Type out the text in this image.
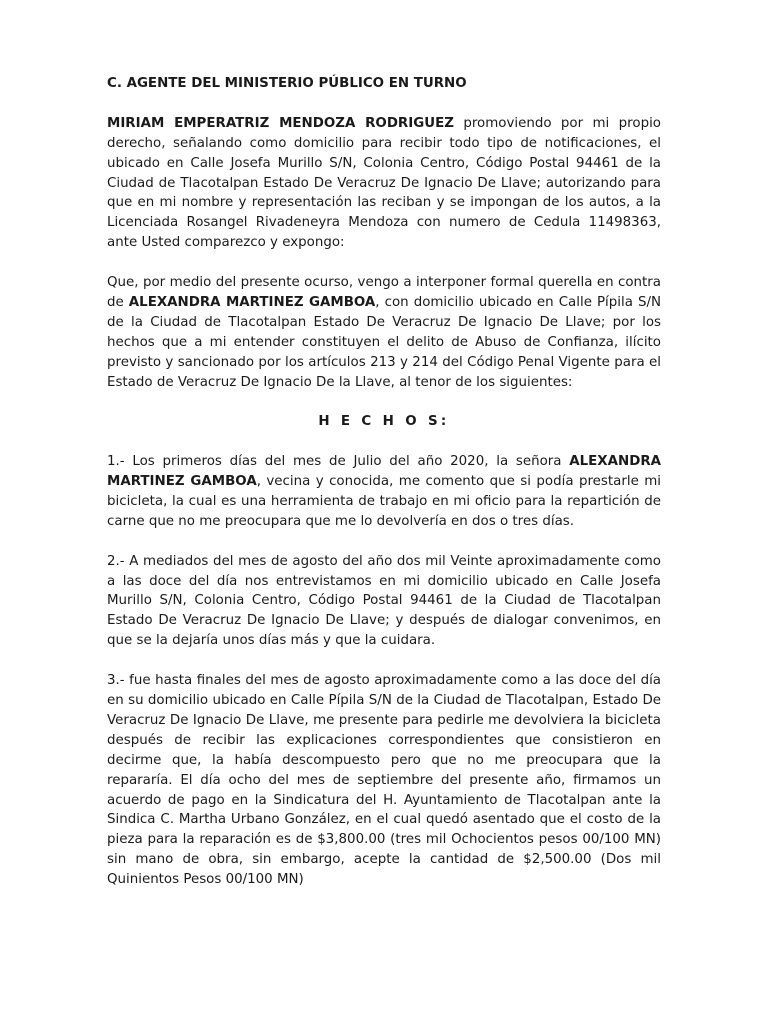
C. AGENTE DEL MINISTERIO PÚBLICO EN TURNO

MIRIAM EMPERATRIZ MENDOZA RODRIGUEZ promoviendo por mi propio derecho, señalando como domicilio para recibir todo tipo de notificaciones, el ubicado en Calle Josefa Murillo S/N, Colonia Centro, Código Postal 94461 de la Ciudad de Tlacotalpan Estado De Veracruz De Ignacio De Llave; autorizando para que en mi nombre y representación las reciban y se impongan de los autos, a la Licenciada Rosangel Rivadeneyra Mendoza con numero de Cedula 11498363, ante Usted comparezco y expongo:

Que, por medio del presente ocurso, vengo a interponer formal querella en contra de ALEXANDRA MARTINEZ GAMBOA, con domicilio ubicado en Calle Pípila S/N de la Ciudad de Tlacotalpan Estado De Veracruz De Ignacio De Llave; por los hechos que a mi entender constituyen el delito de Abuso de Confianza, ilícito previsto y sancionado por los artículos 213 y 214 del Código Penal Vigente para el Estado de Veracruz De Ignacio De la Llave, al tenor de los siguientes:

H E C H O S:

1.- Los primeros días del mes de Julio del año 2020, la señora ALEXANDRA MARTINEZ GAMBOA, vecina y conocida, me comento que si podía prestarle mi bicicleta, la cual es una herramienta de trabajo en mi oficio para la repartición de carne que no me preocupara que me lo devolvería en dos o tres días.

2.- A mediados del mes de agosto del año dos mil Veinte aproximadamente como a las doce del día nos entrevistamos en mi domicilio ubicado en Calle Josefa Murillo S/N, Colonia Centro, Código Postal 94461 de la Ciudad de Tlacotalpan Estado De Veracruz De Ignacio De Llave; y después de dialogar convenimos, en que se la dejaría unos días más y que la cuidara.

3.- fue hasta finales del mes de agosto aproximadamente como a las doce del día en su domicilio ubicado en Calle Pípila S/N de la Ciudad de Tlacotalpan, Estado De Veracruz De Ignacio De Llave, me presente para pedirle me devolviera la bicicleta después de recibir las explicaciones correspondientes que consistieron en decirme que, la había descompuesto pero que no me preocupara que la repararía. El día ocho del mes de septiembre del presente año, firmamos un acuerdo de pago en la Sindicatura del H. Ayuntamiento de Tlacotalpan ante la Sindica C. Martha Urbano González, en el cual quedó asentado que el costo de la pieza para la reparación es de $3,800.00 (tres mil Ochocientos pesos 00/100 MN) sin mano de obra, sin embargo, acepte la cantidad de $2,500.00 (Dos mil Quinientos Pesos 00/100 MN)
